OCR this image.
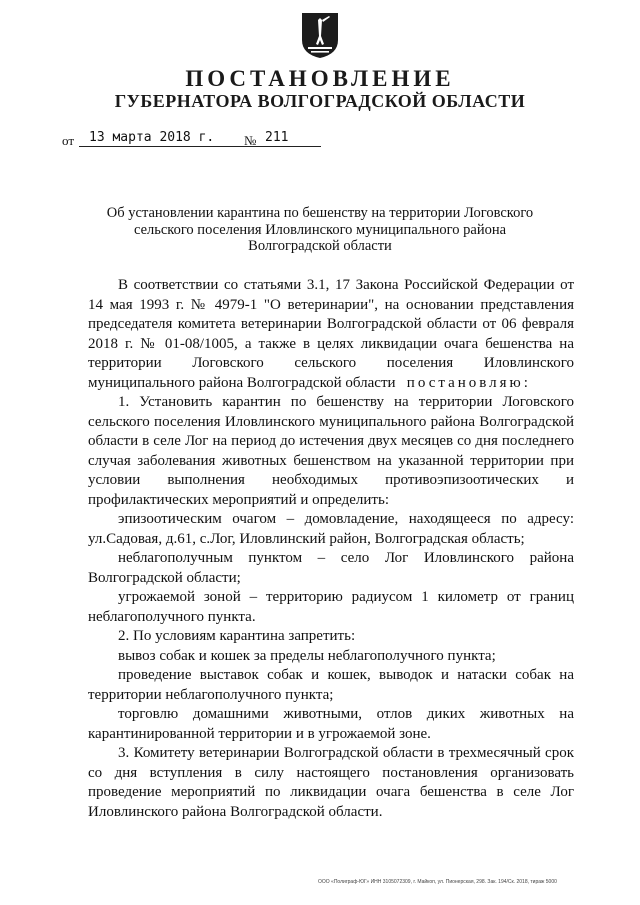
ПОСТАНОВЛЕНИЕ
ГУБЕРНАТОРА ВОЛГОГРАДСКОЙ ОБЛАСТИ
от 13 марта 2018 г. № 211
Об установлении карантина по бешенству на территории Логовского
сельского поселения Иловлинского муниципального района
Волгоградской области

В соответствии со статьями 3.1, 17 Закона Российской Федерации от 14 мая 1993 г. № 4979-1 "О ветеринарии", на основании представления председателя комитета ветеринарии Волгоградской области от 06 февраля 2018 г. № 01-08/1005, а также в целях ликвидации очага бешенства на территории Логовского сельского поселения Иловлинского муниципального района Волгоградской области постановляю:

1. Установить карантин по бешенству на территории Логовского сельского поселения Иловлинского муниципального района Волгоградской области в селе Лог на период до истечения двух месяцев со дня последнего случая заболевания животных бешенством на указанной территории при условии выполнения необходимых противоэпизоотических и профилактических мероприятий и определить:

эпизоотическим очагом – домовладение, находящееся по адресу: ул.Садовая, д.61, с.Лог, Иловлинский район, Волгоградская область;

неблагополучным пунктом – село Лог Иловлинского района Волгоградской области;

угрожаемой зоной – территорию радиусом 1 километр от границ неблагополучного пункта.

2. По условиям карантина запретить:

вывоз собак и кошек за пределы неблагополучного пункта;

проведение выставок собак и кошек, выводок и натаски собак на территории неблагополучного пункта;

торговлю домашними животными, отлов диких животных на карантинированной территории и в угрожаемой зоне.

3. Комитету ветеринарии Волгоградской области в трехмесячный срок со дня вступления в силу настоящего постановления организовать проведение мероприятий по ликвидации очага бешенства в селе Лог Иловлинского района Волгоградской области.

ООО «Полиграф-ЮГ» ИНН 3105072309, г. Майкоп, ул. Пионерская, 298. Зак. 194/Ск. 2018, тираж 5000
